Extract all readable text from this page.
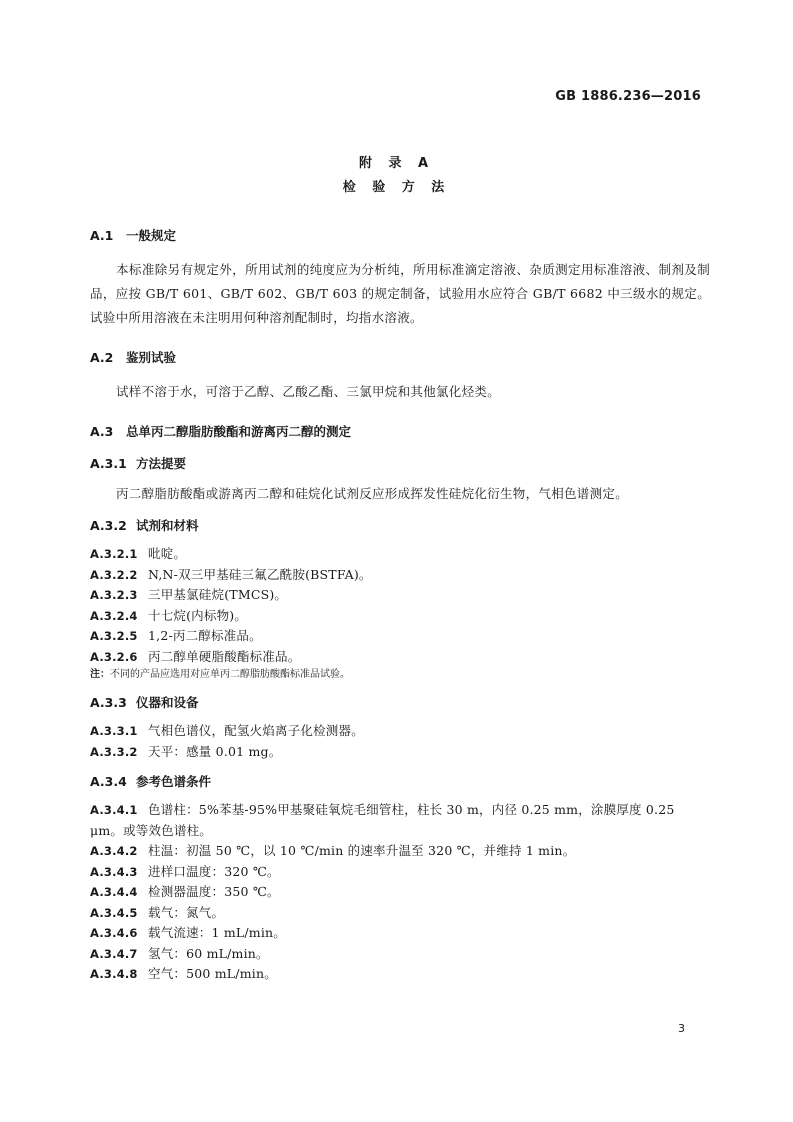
GB 1886.236—2016
附 录 A
检 验 方 法
A.1 一般规定
本标准除另有规定外，所用试剂的纯度应为分析纯，所用标准滴定溶液、杂质测定用标准溶液、制剂及制品，应按 GB/T 601、GB/T 602、GB/T 603 的规定制备，试验用水应符合 GB/T 6682 中三级水的规定。试验中所用溶液在未注明用何种溶剂配制时，均指水溶液。
A.2 鉴别试验
试样不溶于水，可溶于乙醇、乙酸乙酯、三氯甲烷和其他氯化烃类。
A.3 总单丙二醇脂肪酸酯和游离丙二醇的测定
A.3.1 方法提要
丙二醇脂肪酸酯或游离丙二醇和硅烷化试剂反应形成挥发性硅烷化衍生物，气相色谱测定。
A.3.2 试剂和材料
A.3.2.1 吡啶。
A.3.2.2 N,N-双三甲基硅三氟乙酰胺(BSTFA)。
A.3.2.3 三甲基氯硅烷(TMCS)。
A.3.2.4 十七烷(内标物)。
A.3.2.5 1,2-丙二醇标准品。
A.3.2.6 丙二醇单硬脂酸酯标准品。
注：不同的产品应选用对应单丙二醇脂肪酸酯标准品试验。
A.3.3 仪器和设备
A.3.3.1 气相色谱仪，配氢火焰离子化检测器。
A.3.3.2 天平：感量 0.01 mg。
A.3.4 参考色谱条件
A.3.4.1 色谱柱：5%苯基-95%甲基聚硅氧烷毛细管柱，柱长 30 m，内径 0.25 mm，涂膜厚度 0.25 μm。或等效色谱柱。
A.3.4.2 柱温：初温 50 ℃，以 10 ℃/min 的速率升温至 320 ℃，并维持 1 min。
A.3.4.3 进样口温度：320 ℃。
A.3.4.4 检测器温度：350 ℃。
A.3.4.5 载气：氮气。
A.3.4.6 载气流速：1 mL/min。
A.3.4.7 氢气：60 mL/min。
A.3.4.8 空气：500 mL/min。
3
